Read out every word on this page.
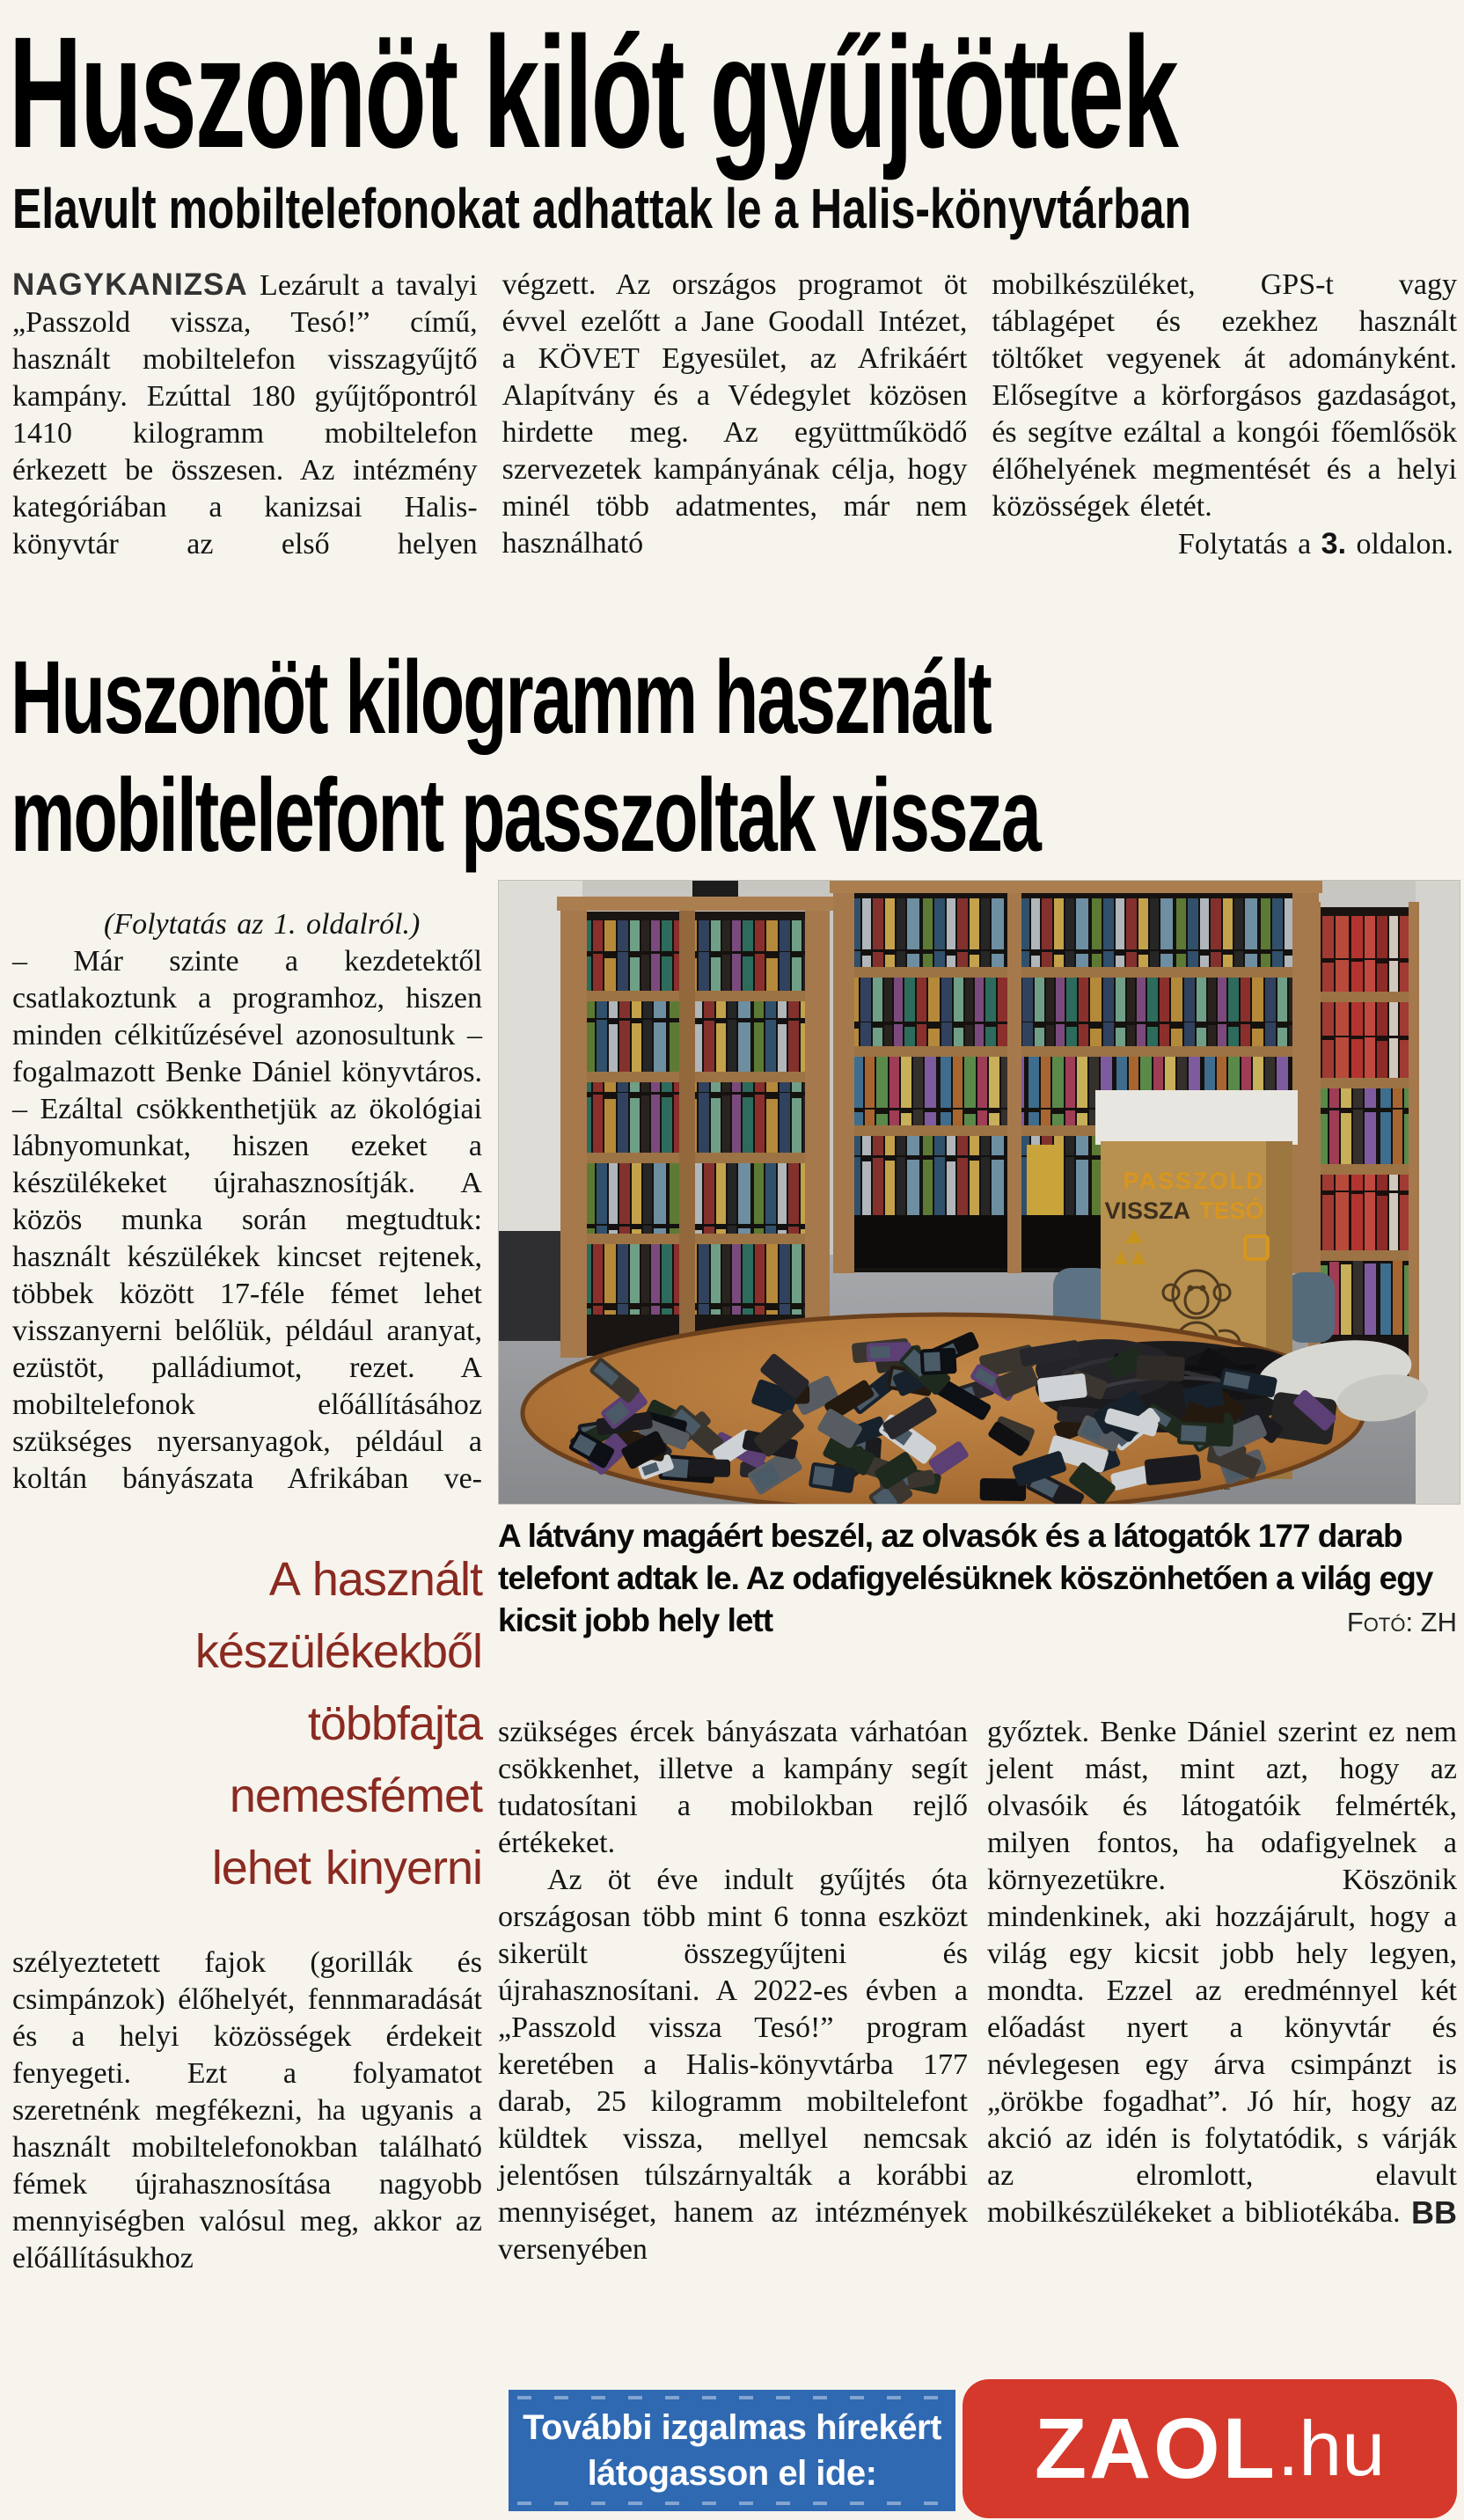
Huszonöt kilót gyűjtöttek
Elavult mobiltelefonokat adhattak le a Halis-könyvtárban
NAGYKANIZSA Lezárult a tavalyi „Passzold vissza, Tesó!” című, használt mobiltelefon visszagyűjtő kampány. Ezúttal 180 gyűjtőpontról 1410 kilogramm mobiltelefon érkezett be összesen. Az intézmény kategóriában a kanizsai Halis-könyvtár az első helyen
végzett. Az országos programot öt évvel ezelőtt a Jane Goodall Intézet, a KÖVET Egyesület, az Afrikáért Alapítvány és a Védegylet közösen hirdette meg. Az együttműködő szervezetek kampányának célja, hogy minél több adatmentes, már nem használható
mobilkészüléket, GPS-t vagy táblagépet és ezekhez használt töltőket vegyenek át adományként. Elősegítve a körforgásos gazdaságot, és segítve ezáltal a kongói főemlősök élőhelyének megmentését és a helyi közösségek életét.
Folytatás a 3. oldalon.
Huszonöt kilogramm használt
mobiltelefont passzoltak vissza

(Folytatás az 1. oldalról.)

– Már szinte a kezdetektől csatlakoztunk a programhoz, hiszen minden célkitűzésével azonosultunk – fogalmazott Benke Dániel könyvtáros.

– Ezáltal csökkenthetjük az ökológiai lábnyomunkat, hiszen ezeket a készülékeket újrahasznosítják. A közös munka során megtudtuk: használt készülékek kincset rejtenek, többek között 17-féle fémet lehet visszanyerni belőlük, például aranyat, ezüstöt, palládiumot, rezet. A mobiltelefonok előállításához szükséges nyersanyagok, például a koltán bányászata Afrikában ve-

A használt készülékekből többfajta nemesfémet lehet kinyerni

szélyeztetett fajok (gorillák és csimpánzok) élőhelyét, fennmaradását és a helyi közösségek érdekeit fenyegeti. Ezt a folyamatot szeretnénk megfékezni, ha ugyanis a használt mobiltelefonokban található fémek újrahasznosítása nagyobb mennyiségben valósul meg, akkor az előállításukhoz

PASSZOLD
VISSZA TESÓ
A látvány magáért beszél, az olvasók és a látogatók 177 darab telefont adtak le. Az odafigyelésüknek köszönhetően a világ egy kicsit jobb hely lett	Fotó: ZH

szükséges ércek bányászata várhatóan csökkenhet, illetve a kampány segít tudatosítani a mobilokban rejlő értékeket.

Az öt éve indult gyűjtés óta országosan több mint 6 tonna eszközt sikerült összegyűjteni és újrahasznosítani. A 2022-es évben a „Passzold vissza Tesó!” program keretében a Halis-könyvtárba 177 darab, 25 kilogramm mobiltelefont küldtek vissza, mellyel nemcsak jelentősen túlszárnyalták a korábbi mennyiséget, hanem az intézmények versenyében

győztek. Benke Dániel szerint ez nem jelent mást, mint azt, hogy az olvasóik és látogatóik felmérték, milyen fontos, ha odafigyelnek a környezetükre. Köszönik mindenkinek, aki hozzájárult, hogy a világ egy kicsit jobb hely legyen, mondta. Ezzel az eredménnyel két előadást nyert a könyvtár és névlegesen egy árva csimpánzt is „örökbe fogadhat”. Jó hír, hogy az akció az idén is folytatódik, s várják az elromlott, elavult mobilkészülékeket a bibliotékába. BB
További izgalmas hírekért
látogasson el ide: ZAOL .hu
